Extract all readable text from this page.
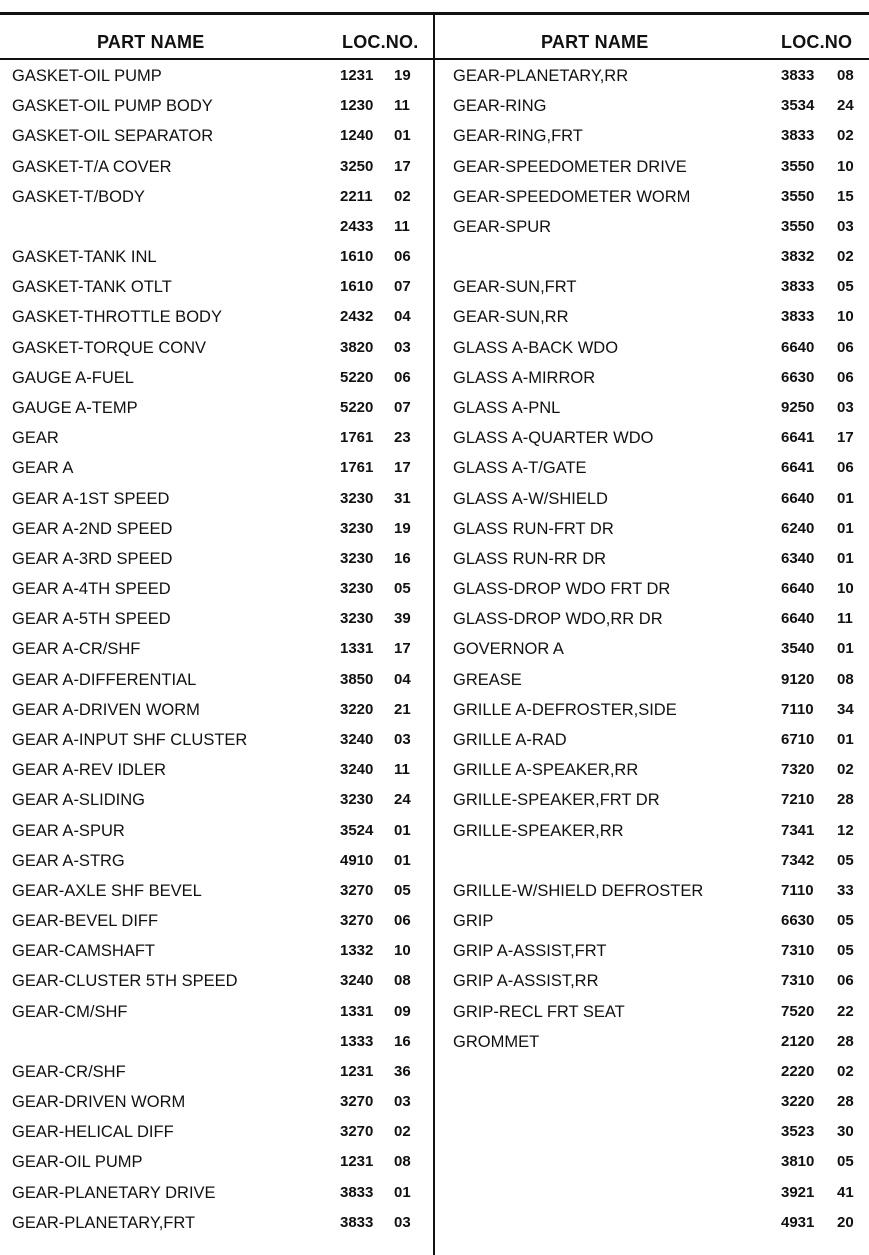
PART NAME	LOC.NO.	PART NAME	LOC.NO
GASKET-OIL PUMP	1231 19
GASKET-OIL PUMP BODY	1230 11
GASKET-OIL SEPARATOR	1240 01
GASKET-T/A COVER	3250 17
GASKET-T/BODY	2211 02
2433 11
GASKET-TANK INL	1610 06
GASKET-TANK OTLT	1610 07
GASKET-THROTTLE BODY	2432 04
GASKET-TORQUE CONV	3820 03
GAUGE A-FUEL	5220 06
GAUGE A-TEMP	5220 07
GEAR	1761 23
GEAR A	1761 17
GEAR A-1ST SPEED	3230 31
GEAR A-2ND SPEED	3230 19
GEAR A-3RD SPEED	3230 16
GEAR A-4TH SPEED	3230 05
GEAR A-5TH SPEED	3230 39
GEAR A-CR/SHF	1331 17
GEAR A-DIFFERENTIAL	3850 04
GEAR A-DRIVEN WORM	3220 21
GEAR A-INPUT SHF CLUSTER	3240 03
GEAR A-REV IDLER	3240 11
GEAR A-SLIDING	3230 24
GEAR A-SPUR	3524 01
GEAR A-STRG	4910 01
GEAR-AXLE SHF BEVEL	3270 05
GEAR-BEVEL DIFF	3270 06
GEAR-CAMSHAFT	1332 10
GEAR-CLUSTER 5TH SPEED	3240 08
GEAR-CM/SHF	1331 09
1333 16
GEAR-CR/SHF	1231 36
GEAR-DRIVEN WORM	3270 03
GEAR-HELICAL DIFF	3270 02
GEAR-OIL PUMP	1231 08
GEAR-PLANETARY DRIVE	3833 01
GEAR-PLANETARY,FRT	3833 03
GEAR-PLANETARY,RR	3833 08
GEAR-RING	3534 24
GEAR-RING,FRT	3833 02
GEAR-SPEEDOMETER DRIVE	3550 10
GEAR-SPEEDOMETER WORM	3550 15
GEAR-SPUR	3550 03
3832 02
GEAR-SUN,FRT	3833 05
GEAR-SUN,RR	3833 10
GLASS A-BACK WDO	6640 06
GLASS A-MIRROR	6630 06
GLASS A-PNL	9250 03
GLASS A-QUARTER WDO	6641 17
GLASS A-T/GATE	6641 06
GLASS A-W/SHIELD	6640 01
GLASS RUN-FRT DR	6240 01
GLASS RUN-RR DR	6340 01
GLASS-DROP WDO FRT DR	6640 10
GLASS-DROP WDO,RR DR	6640 11
GOVERNOR A	3540 01
GREASE	9120 08
GRILLE A-DEFROSTER,SIDE	7110 34
GRILLE A-RAD	6710 01
GRILLE A-SPEAKER,RR	7320 02
GRILLE-SPEAKER,FRT DR	7210 28
GRILLE-SPEAKER,RR	7341 12
7342 05
GRILLE-W/SHIELD DEFROSTER	7110 33
GRIP	6630 05
GRIP A-ASSIST,FRT	7310 05
GRIP A-ASSIST,RR	7310 06
GRIP-RECL FRT SEAT	7520 22
GROMMET	2120 28
2220 02
3220 28
3523 30
3810 05
3921 41
4931 20
